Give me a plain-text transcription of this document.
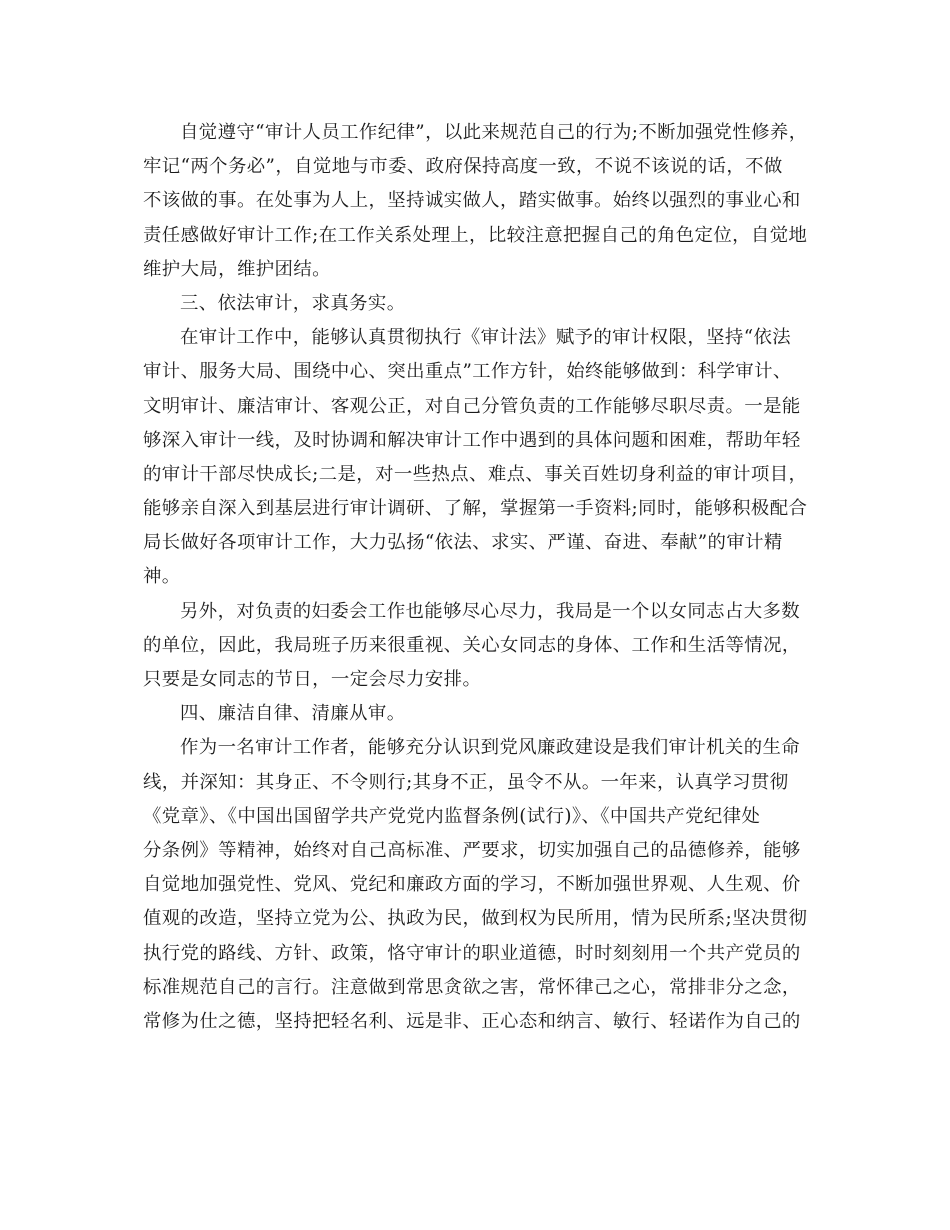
自觉遵守“审计人员工作纪律”，以此来规范自己的行为;不断加强党性修养，
牢记“两个务必”，自觉地与市委、政府保持高度一致，不说不该说的话，不做
不该做的事。在处事为人上，坚持诚实做人，踏实做事。始终以强烈的事业心和
责任感做好审计工作;在工作关系处理上，比较注意把握自己的角色定位，自觉地
维护大局，维护团结。
三、依法审计，求真务实。
在审计工作中，能够认真贯彻执行《审计法》赋予的审计权限，坚持“依法
审计、服务大局、围绕中心、突出重点”工作方针，始终能够做到：科学审计、
文明审计、廉洁审计、客观公正，对自己分管负责的工作能够尽职尽责。一是能
够深入审计一线，及时协调和解决审计工作中遇到的具体问题和困难，帮助年轻
的审计干部尽快成长;二是，对一些热点、难点、事关百姓切身利益的审计项目，
能够亲自深入到基层进行审计调研、了解，掌握第一手资料;同时，能够积极配合
局长做好各项审计工作，大力弘扬“依法、求实、严谨、奋进、奉献”的审计精
神。
另外，对负责的妇委会工作也能够尽心尽力，我局是一个以女同志占大多数
的单位，因此，我局班子历来很重视、关心女同志的身体、工作和生活等情况，
只要是女同志的节日，一定会尽力安排。
四、廉洁自律、清廉从审。
作为一名审计工作者，能够充分认识到党风廉政建设是我们审计机关的生命
线，并深知：其身正、不令则行;其身不正，虽令不从。一年来，认真学习贯彻
《党章》、《中国出国留学共产党党内监督条例(试行)》、《中国共产党纪律处
分条例》等精神，始终对自己高标准、严要求，切实加强自己的品德修养，能够
自觉地加强党性、党风、党纪和廉政方面的学习，不断加强世界观、人生观、价
值观的改造，坚持立党为公、执政为民，做到权为民所用，情为民所系;坚决贯彻
执行党的路线、方针、政策，恪守审计的职业道德，时时刻刻用一个共产党员的
标准规范自己的言行。注意做到常思贪欲之害，常怀律己之心，常排非分之念，
常修为仕之德，坚持把轻名利、远是非、正心态和纳言、敏行、轻诺作为自己的
